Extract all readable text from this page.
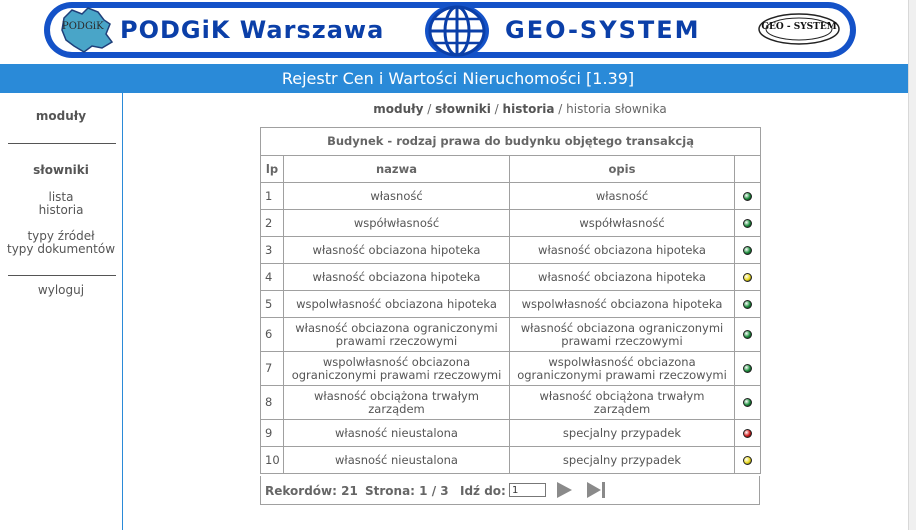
PODGiK PODGiK Warszawa	GEO-SYSTEM	GEO - SYSTEM
Rejestr Cen i Wartości Nieruchomości [1.39]
moduły
słowniki
lista
historia
typy źródeł
typy dokumentów
wyloguj
moduły / słowniki / historia / historia słownika
Budynek - rodzaj prawa do budynku objętego transakcją			
lp	nazwa	opis	
1	własność	własność	
2	współwłasność	współwłasność	
3	własność obciazona hipoteka	własność obciazona hipoteka	
4	własność obciazona hipoteka	własność obciazona hipoteka	
5	wspolwłasność obciazona hipoteka	wspolwłasność obciazona hipoteka	
6	własność obciazona ograniczonymi prawami rzeczowymi	własność obciazona ograniczonymi prawami rzeczowymi	
7	wspolwłasność obciazona ograniczonymi prawami rzeczowymi	wspolwłasność obciazona ograniczonymi prawami rzeczowymi	
8	własność obciążona trwałym zarządem	własność obciążona trwałym zarządem	
9	własność nieustalona	specjalny przypadek	
10	własność nieustalona	specjalny przypadek	
Rekordów: 21 Strona: 1 / 3 Idź do:
1
